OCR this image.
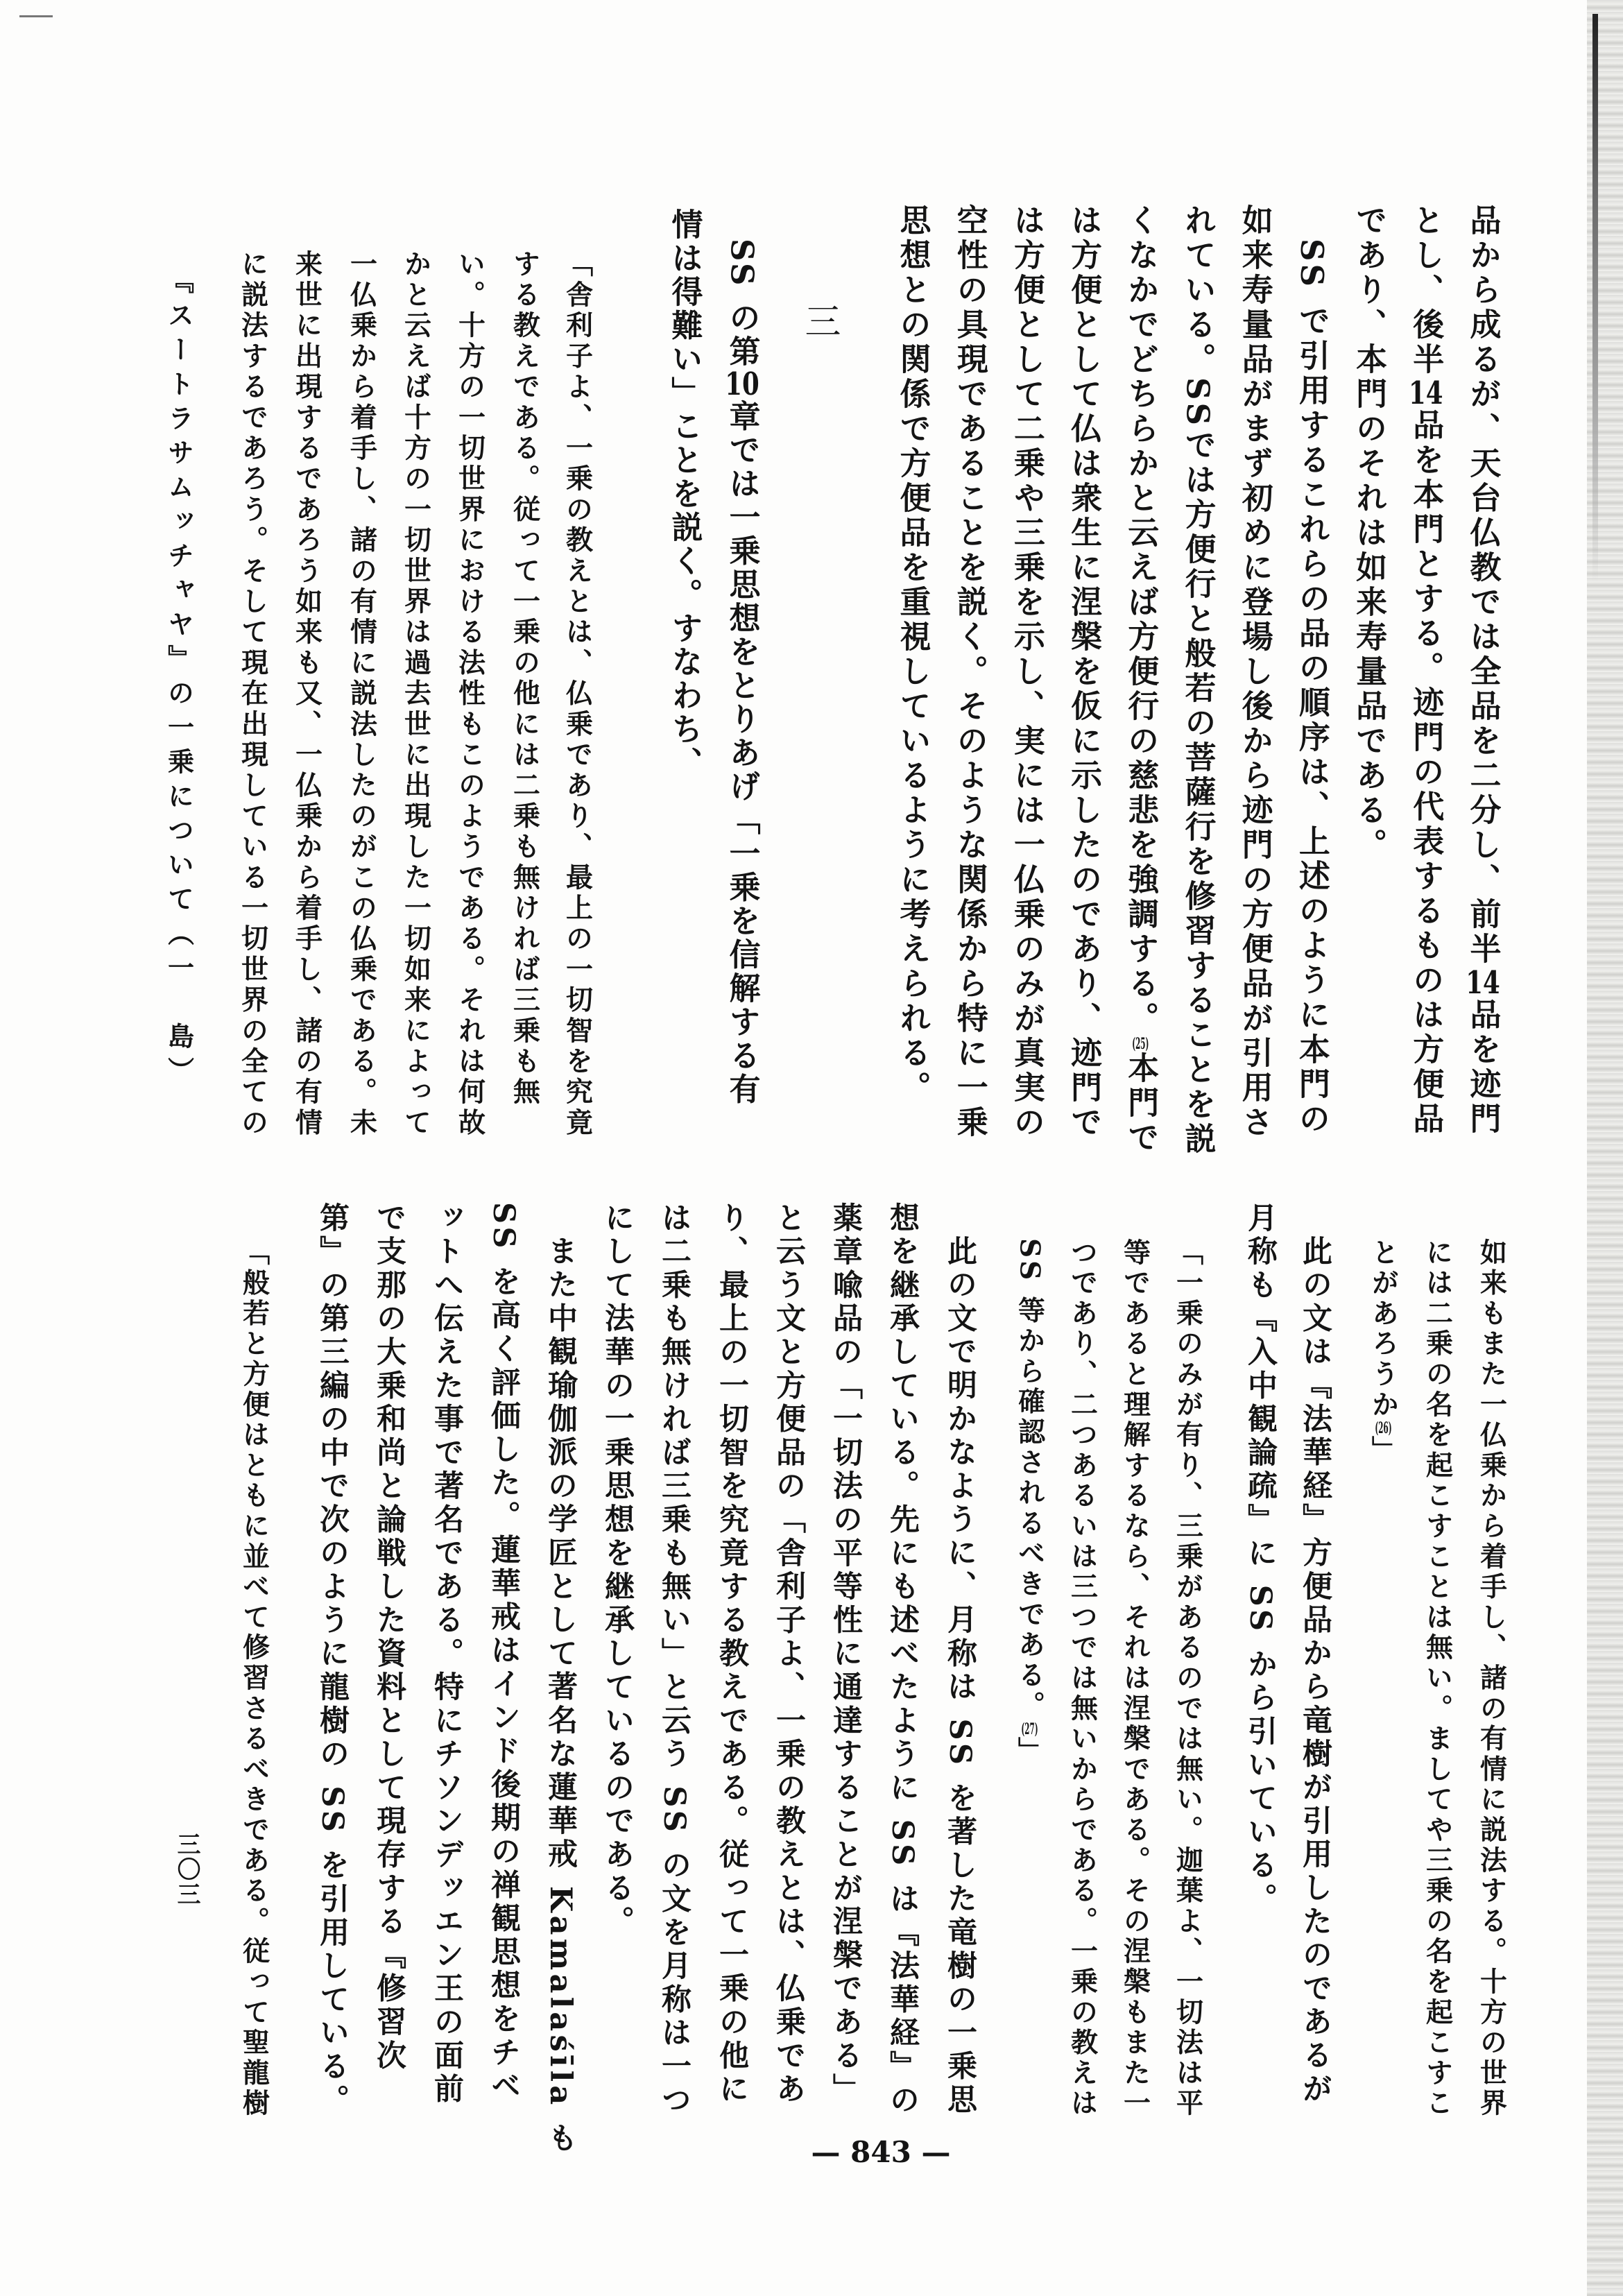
品から成るが、天台仏教では全品を二分し、前半14品を迹門
とし、後半14品を本門とする。迹門の代表するものは方便品
であり、本門のそれは如来寿量品である。
SS で引用するこれらの品の順序は、上述のように本門の
如来寿量品がまず初めに登場し後から迹門の方便品が引用さ
れている。SSでは方便行と般若の菩薩行を修習することを説
くなかでどちらかと云えば方便行の慈悲を強調する。(25)本門で
は方便として仏は衆生に涅槃を仮に示したのであり、迹門で
は方便として二乗や三乗を示し、実には一仏乗のみが真実の
空性の具現であることを説く。そのような関係から特に一乗
思想との関係で方便品を重視しているように考えられる。
三
SS の第10章では一乗思想をとりあげ「一乗を信解する有
情は得難い」ことを説く。すなわち、
「舎利子よ、一乗の教えとは、仏乗であり、最上の一切智を究竟
する教えである。従って一乗の他には二乗も無ければ三乗も無
い。十方の一切世界における法性もこのようである。それは何故
かと云えば十方の一切世界は過去世に出現した一切如来によって
一仏乗から着手し、諸の有情に説法したのがこの仏乗である。未
来世に出現するであろう如来も又、一仏乗から着手し、諸の有情
に説法するであろう。そして現在出現している一切世界の全ての
『スートラサムッチャヤ』の一乗について（一　島）
如来もまた一仏乗から着手し、諸の有情に説法する。十方の世界
には二乗の名を起こすことは無い。ましてや三乗の名を起こすこ
とがあろうか(26)」
此の文は『法華経』方便品から竜樹が引用したのであるが
月称も『入中観論疏』に SS から引いている。
「一乗のみが有り、三乗があるのでは無い。迦葉よ、一切法は平
等であると理解するなら、それは涅槃である。その涅槃もまた一
つであり、二つあるいは三つでは無いからである。一乗の教えは
SS 等から確認されるべきである。(27)」
此の文で明かなように、月称は SS を著した竜樹の一乗思
想を継承している。先にも述べたように SS は『法華経』の
薬章喩品の「一切法の平等性に通達することが涅槃である」
と云う文と方便品の「舎利子よ、一乗の教えとは、仏乗であ
り、最上の一切智を究竟する教えである。従って一乗の他に
は二乗も無ければ三乗も無い」と云う SS の文を月称は一つ
にして法華の一乗思想を継承しているのである。
また中観瑜伽派の学匠として著名な蓮華戒 Kamalaśīla も
SS を高く評価した。蓮華戒はインド後期の禅観思想をチベ
ットへ伝えた事で著名である。特にチソンデッエン王の面前
で支那の大乗和尚と論戦した資料として現存する『修習次
第』の第三編の中で次のように龍樹の SS を引用している。
「般若と方便はともに並べて修習さるべきである。従って聖龍樹
三〇三
— 843 —
